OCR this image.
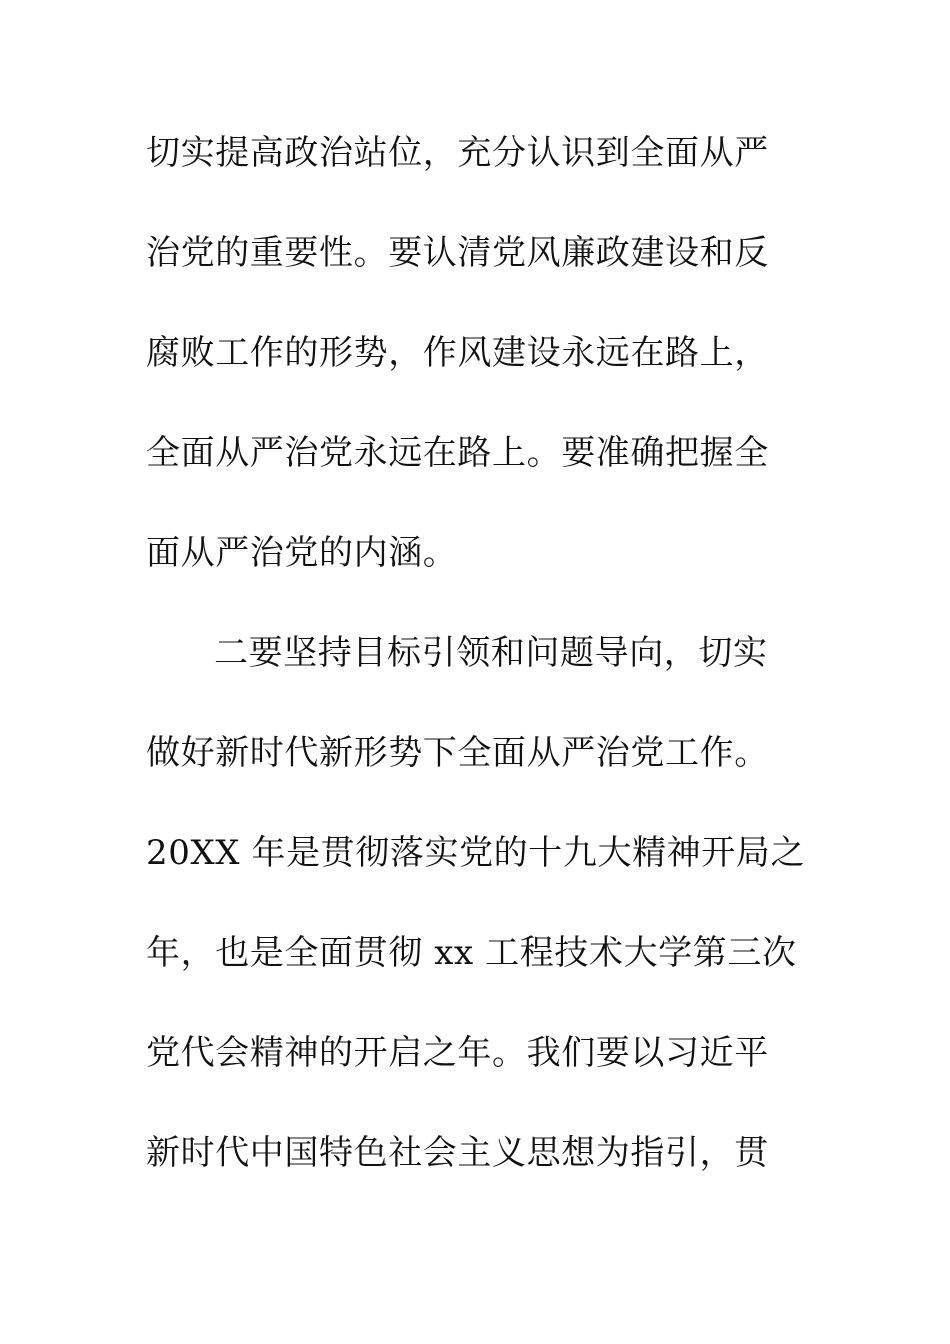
切实提高政治站位，充分认识到全面从严
治党的重要性。要认清党风廉政建设和反
腐败工作的形势，作风建设永远在路上，
全面从严治党永远在路上。要准确把握全
面从严治党的内涵。
二要坚持目标引领和问题导向，切实
做好新时代新形势下全面从严治党工作。
20XX 年是贯彻落实党的十九大精神开局之
年，也是全面贯彻 xx 工程技术大学第三次
党代会精神的开启之年。我们要以习近平
新时代中国特色社会主义思想为指引，贯
